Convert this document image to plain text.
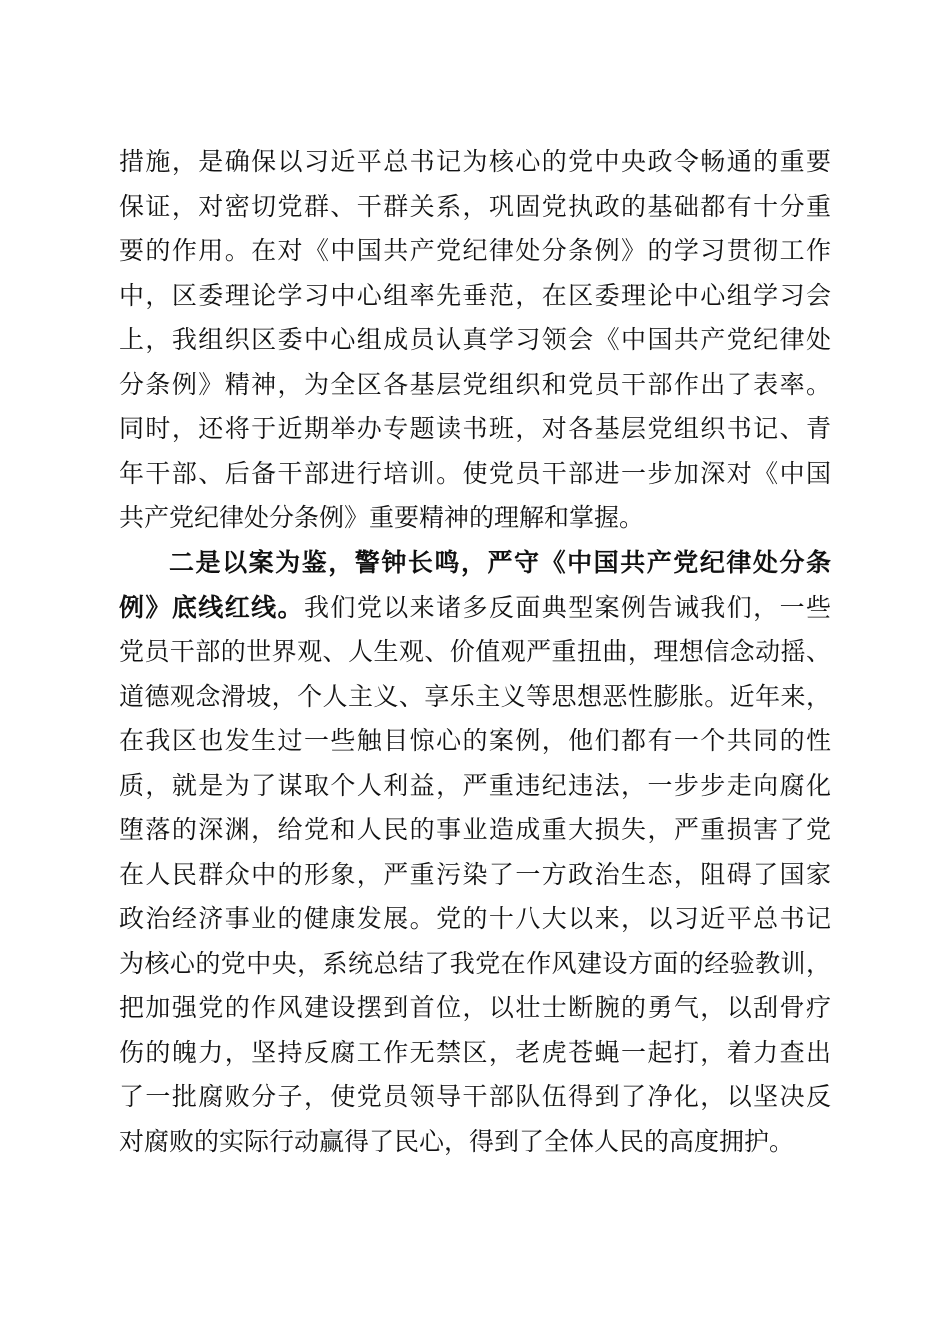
措施，是确保以习近平总书记为核心的党中央政令畅通的重要
保证，对密切党群、干群关系，巩固党执政的基础都有十分重
要的作用。在对《中国共产党纪律处分条例》的学习贯彻工作
中，区委理论学习中心组率先垂范，在区委理论中心组学习会
上，我组织区委中心组成员认真学习领会《中国共产党纪律处
分条例》精神，为全区各基层党组织和党员干部作出了表率。
同时，还将于近期举办专题读书班，对各基层党组织书记、青
年干部、后备干部进行培训。使党员干部进一步加深对《中国
共产党纪律处分条例》重要精神的理解和掌握。
二是以案为鉴，警钟长鸣，严守《中国共产党纪律处分条
例》底线红线。我们党以来诸多反面典型案例告诫我们，一些
党员干部的世界观、人生观、价值观严重扭曲，理想信念动摇、
道德观念滑坡，个人主义、享乐主义等思想恶性膨胀。近年来，
在我区也发生过一些触目惊心的案例，他们都有一个共同的性
质，就是为了谋取个人利益，严重违纪违法，一步步走向腐化
堕落的深渊，给党和人民的事业造成重大损失，严重损害了党
在人民群众中的形象，严重污染了一方政治生态，阻碍了国家
政治经济事业的健康发展。党的十八大以来，以习近平总书记
为核心的党中央，系统总结了我党在作风建设方面的经验教训，
把加强党的作风建设摆到首位，以壮士断腕的勇气，以刮骨疗
伤的魄力，坚持反腐工作无禁区，老虎苍蝇一起打，着力查出
了一批腐败分子，使党员领导干部队伍得到了净化，以坚决反
对腐败的实际行动赢得了民心，得到了全体人民的高度拥护。
